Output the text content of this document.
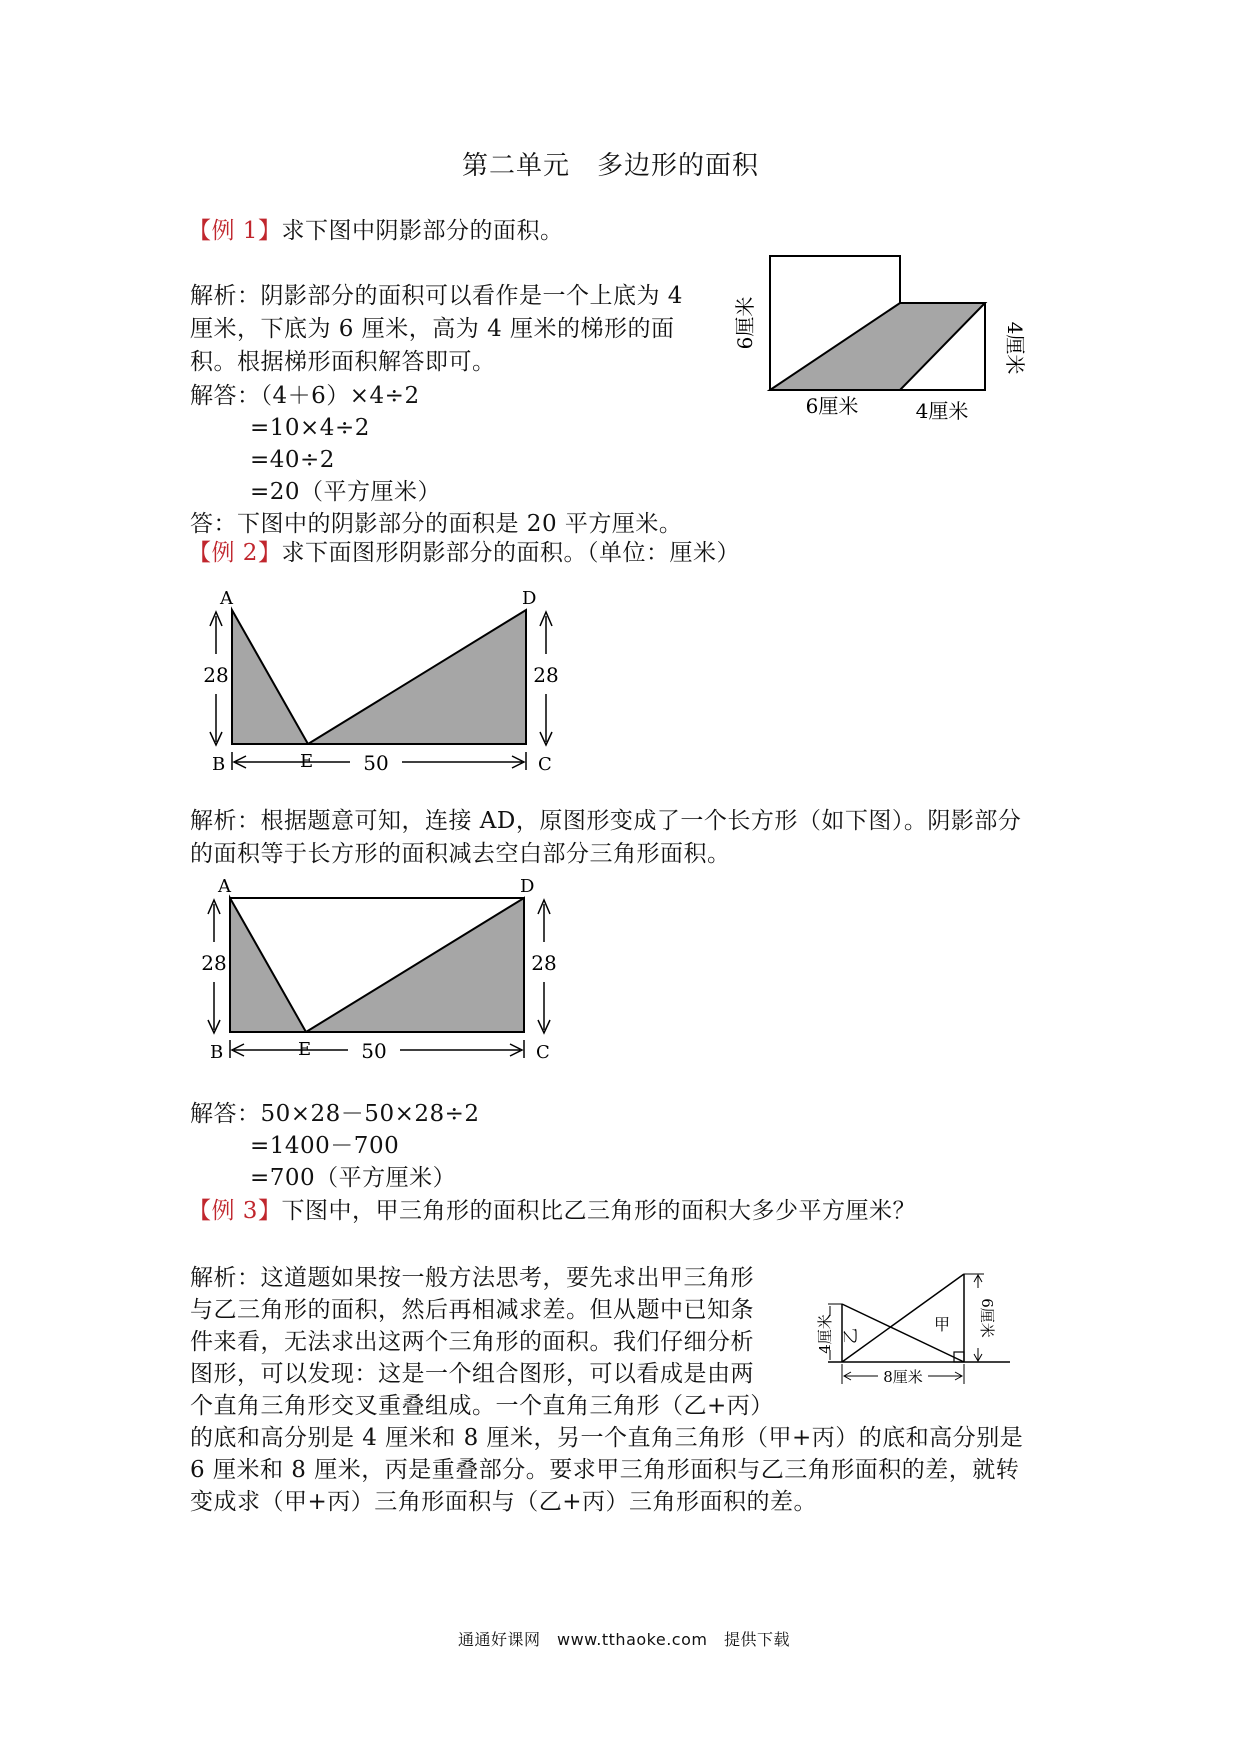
第二单元　多边形的面积
【例 1】求下图中阴影部分的面积。
解析：阴影部分的面积可以看作是一个上底为 4
厘米，下底为 6 厘米，高为 4 厘米的梯形的面
积。根据梯形面积解答即可。
解答：（4＋6）×4÷2
=10×4÷2
=40÷2
=20（平方厘米）
答：下图中的阴影部分的面积是 20 平方厘米。
6厘米	4厘米
6厘米	4厘米
【例 2】求下面图形阴影部分的面积。（单位：厘米）
A	D
B	C
E
28	28
50
解析：根据题意可知，连接 AD，原图形变成了一个长方形（如下图）。阴影部分
的面积等于长方形的面积减去空白部分三角形面积。
A	D
B	C
E
28	28
50
解答：50×28－50×28÷2
=1400－700
=700（平方厘米）
【例 3】下图中，甲三角形的面积比乙三角形的面积大多少平方厘米？
解析：这道题如果按一般方法思考，要先求出甲三角形
与乙三角形的面积，然后再相减求差。但从题中已知条
件来看，无法求出这两个三角形的面积。我们仔细分析
图形，可以发现：这是一个组合图形，可以看成是由两
个直角三角形交叉重叠组成。一个直角三角形（乙+丙）
的底和高分别是 4 厘米和 8 厘米，另一个直角三角形（甲+丙）的底和高分别是
6 厘米和 8 厘米，丙是重叠部分。要求甲三角形面积与乙三角形面积的差，就转
变成求（甲+丙）三角形面积与（乙+丙）三角形面积的差。
乙
甲
4厘米	6厘米
8厘米
通通好课网　www.tthaoke.com　提供下载
